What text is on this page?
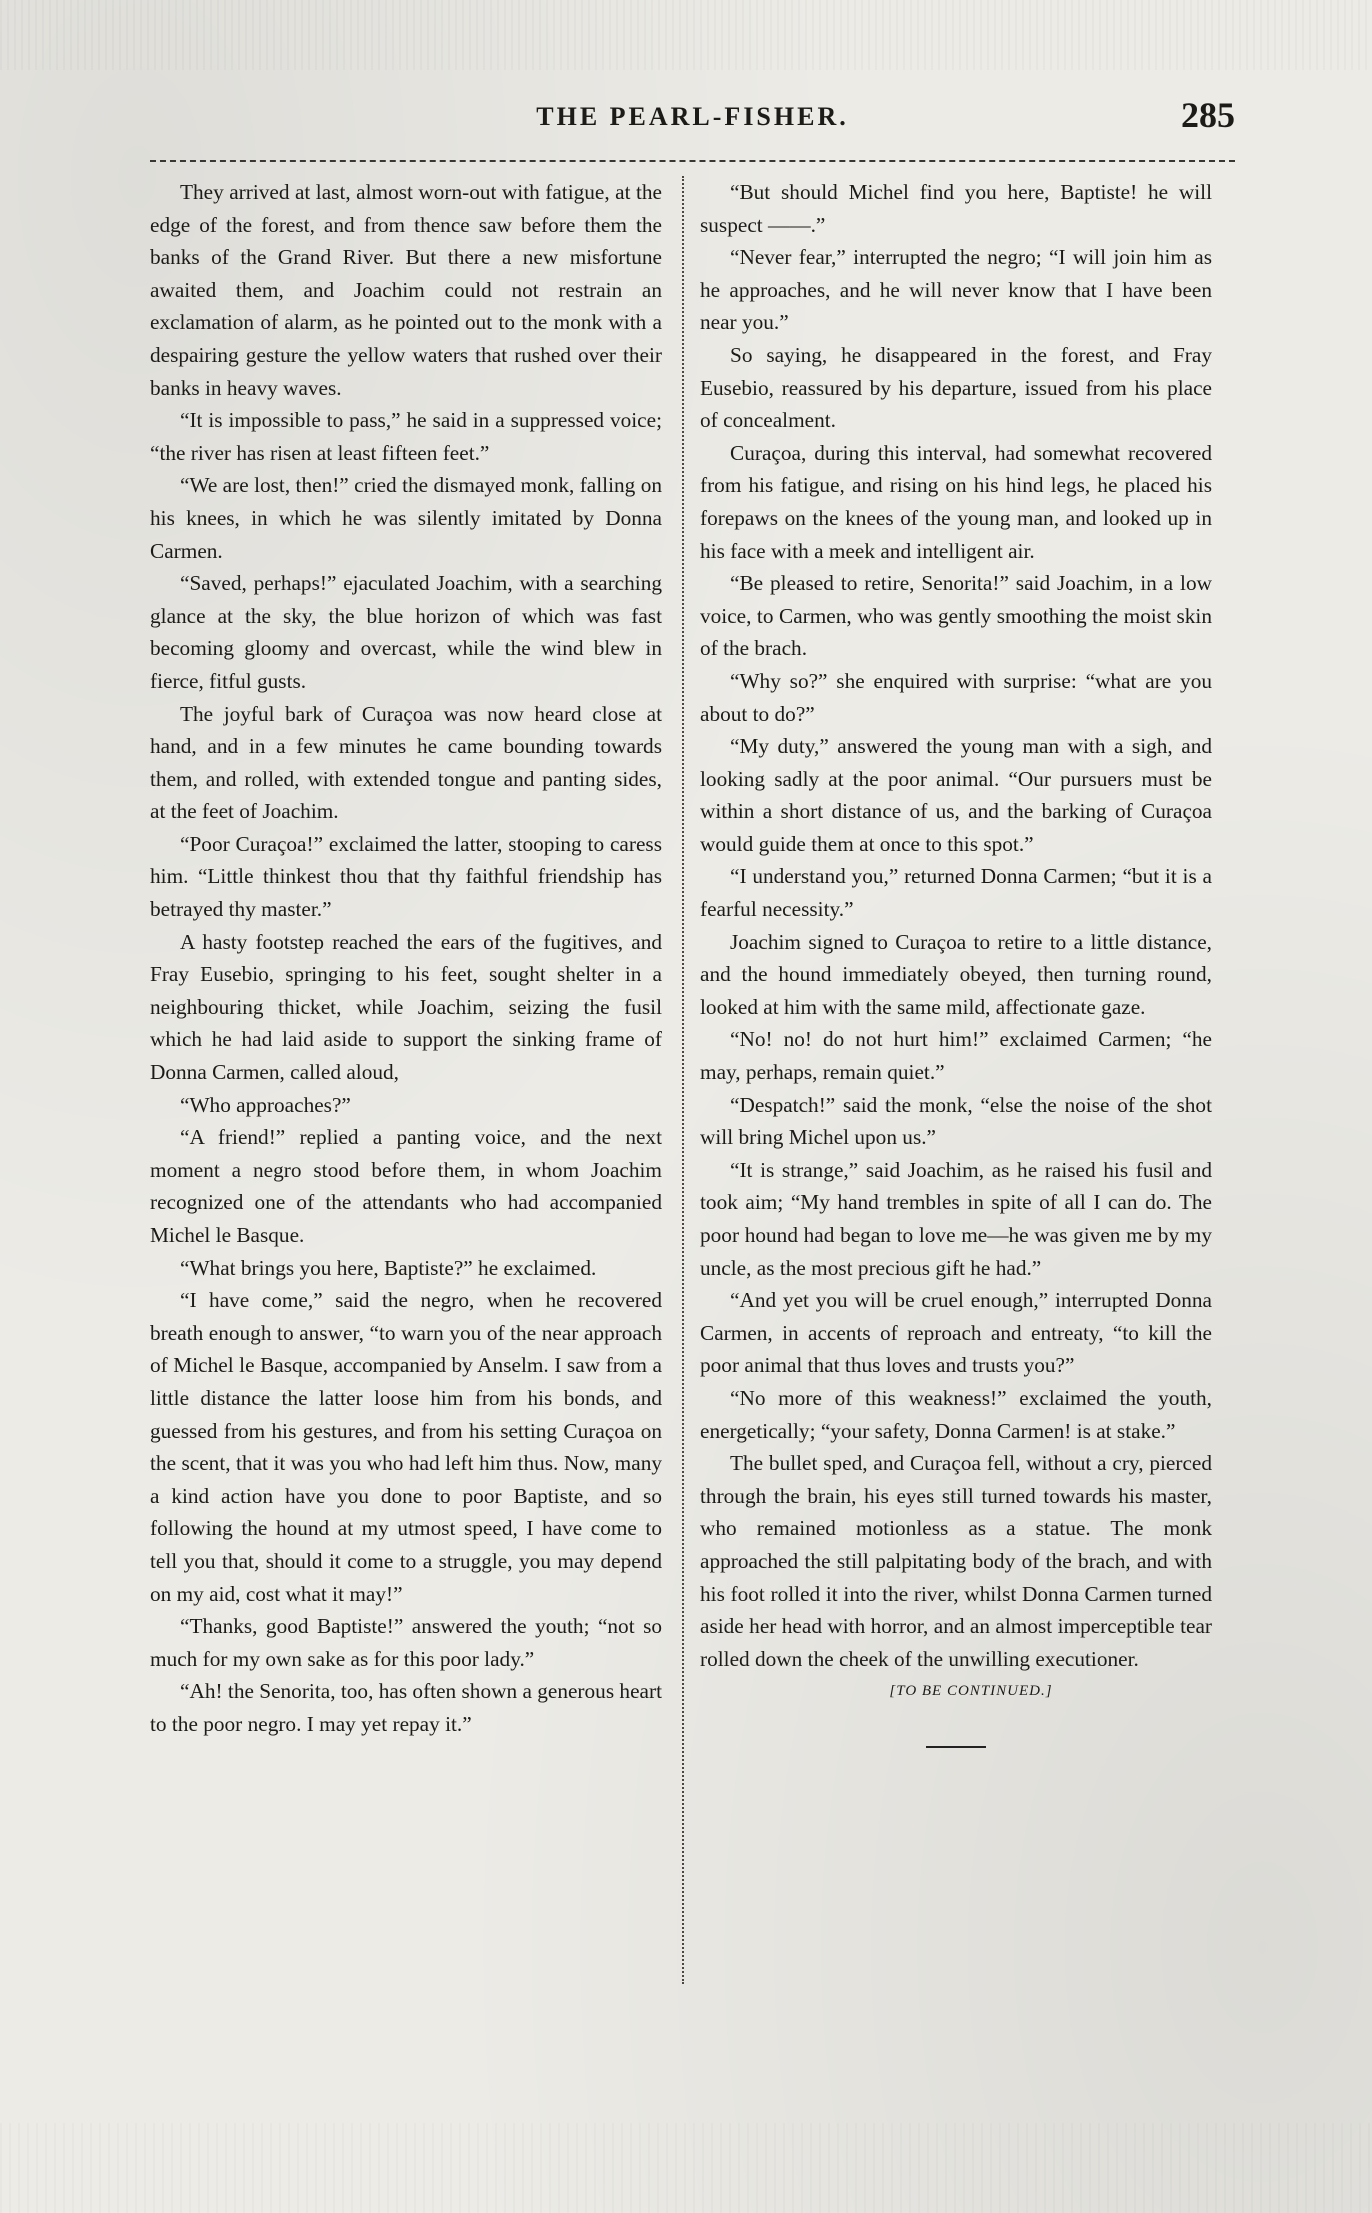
THE PEARL-FISHER.	285

They arrived at last, almost worn-out with fatigue, at the edge of the forest, and from thence saw before them the banks of the Grand River. But there a new misfortune awaited them, and Joachim could not restrain an exclamation of alarm, as he pointed out to the monk with a despairing gesture the yellow waters that rushed over their banks in heavy waves.

“It is impossible to pass,” he said in a suppressed voice; “the river has risen at least fifteen feet.”

“We are lost, then!” cried the dismayed monk, falling on his knees, in which he was silently imitated by Donna Carmen.

“Saved, perhaps!” ejaculated Joachim, with a searching glance at the sky, the blue horizon of which was fast becoming gloomy and overcast, while the wind blew in fierce, fitful gusts.

The joyful bark of Curaçoa was now heard close at hand, and in a few minutes he came bounding towards them, and rolled, with extended tongue and panting sides, at the feet of Joachim.

“Poor Curaçoa!” exclaimed the latter, stooping to caress him. “Little thinkest thou that thy faithful friendship has betrayed thy master.”

A hasty footstep reached the ears of the fugitives, and Fray Eusebio, springing to his feet, sought shelter in a neighbouring thicket, while Joachim, seizing the fusil which he had laid aside to support the sinking frame of Donna Carmen, called aloud,

“Who approaches?”

“A friend!” replied a panting voice, and the next moment a negro stood before them, in whom Joachim recognized one of the attendants who had accompanied Michel le Basque.

“What brings you here, Baptiste?” he exclaimed.

“I have come,” said the negro, when he recovered breath enough to answer, “to warn you of the near approach of Michel le Basque, accompanied by Anselm. I saw from a little distance the latter loose him from his bonds, and guessed from his gestures, and from his setting Curaçoa on the scent, that it was you who had left him thus. Now, many a kind action have you done to poor Baptiste, and so following the hound at my utmost speed, I have come to tell you that, should it come to a struggle, you may depend on my aid, cost what it may!”

“Thanks, good Baptiste!” answered the youth; “not so much for my own sake as for this poor lady.”

“Ah! the Senorita, too, has often shown a generous heart to the poor negro. I may yet repay it.”

“But should Michel find you here, Baptiste! he will suspect ——.”

“Never fear,” interrupted the negro; “I will join him as he approaches, and he will never know that I have been near you.”

So saying, he disappeared in the forest, and Fray Eusebio, reassured by his departure, issued from his place of concealment.

Curaçoa, during this interval, had somewhat recovered from his fatigue, and rising on his hind legs, he placed his forepaws on the knees of the young man, and looked up in his face with a meek and intelligent air.

“Be pleased to retire, Senorita!” said Joachim, in a low voice, to Carmen, who was gently smoothing the moist skin of the brach.

“Why so?” she enquired with surprise: “what are you about to do?”

“My duty,” answered the young man with a sigh, and looking sadly at the poor animal. “Our pursuers must be within a short distance of us, and the barking of Curaçoa would guide them at once to this spot.”

“I understand you,” returned Donna Carmen; “but it is a fearful necessity.”

Joachim signed to Curaçoa to retire to a little distance, and the hound immediately obeyed, then turning round, looked at him with the same mild, affectionate gaze.

“No! no! do not hurt him!” exclaimed Carmen; “he may, perhaps, remain quiet.”

“Despatch!” said the monk, “else the noise of the shot will bring Michel upon us.”

“It is strange,” said Joachim, as he raised his fusil and took aim; “My hand trembles in spite of all I can do. The poor hound had began to love me—he was given me by my uncle, as the most precious gift he had.”

“And yet you will be cruel enough,” interrupted Donna Carmen, in accents of reproach and entreaty, “to kill the poor animal that thus loves and trusts you?”

“No more of this weakness!” exclaimed the youth, energetically; “your safety, Donna Carmen! is at stake.”

The bullet sped, and Curaçoa fell, without a cry, pierced through the brain, his eyes still turned towards his master, who remained motionless as a statue. The monk approached the still palpitating body of the brach, and with his foot rolled it into the river, whilst Donna Carmen turned aside her head with horror, and an almost imperceptible tear rolled down the cheek of the unwilling executioner.

[TO BE CONTINUED.]
